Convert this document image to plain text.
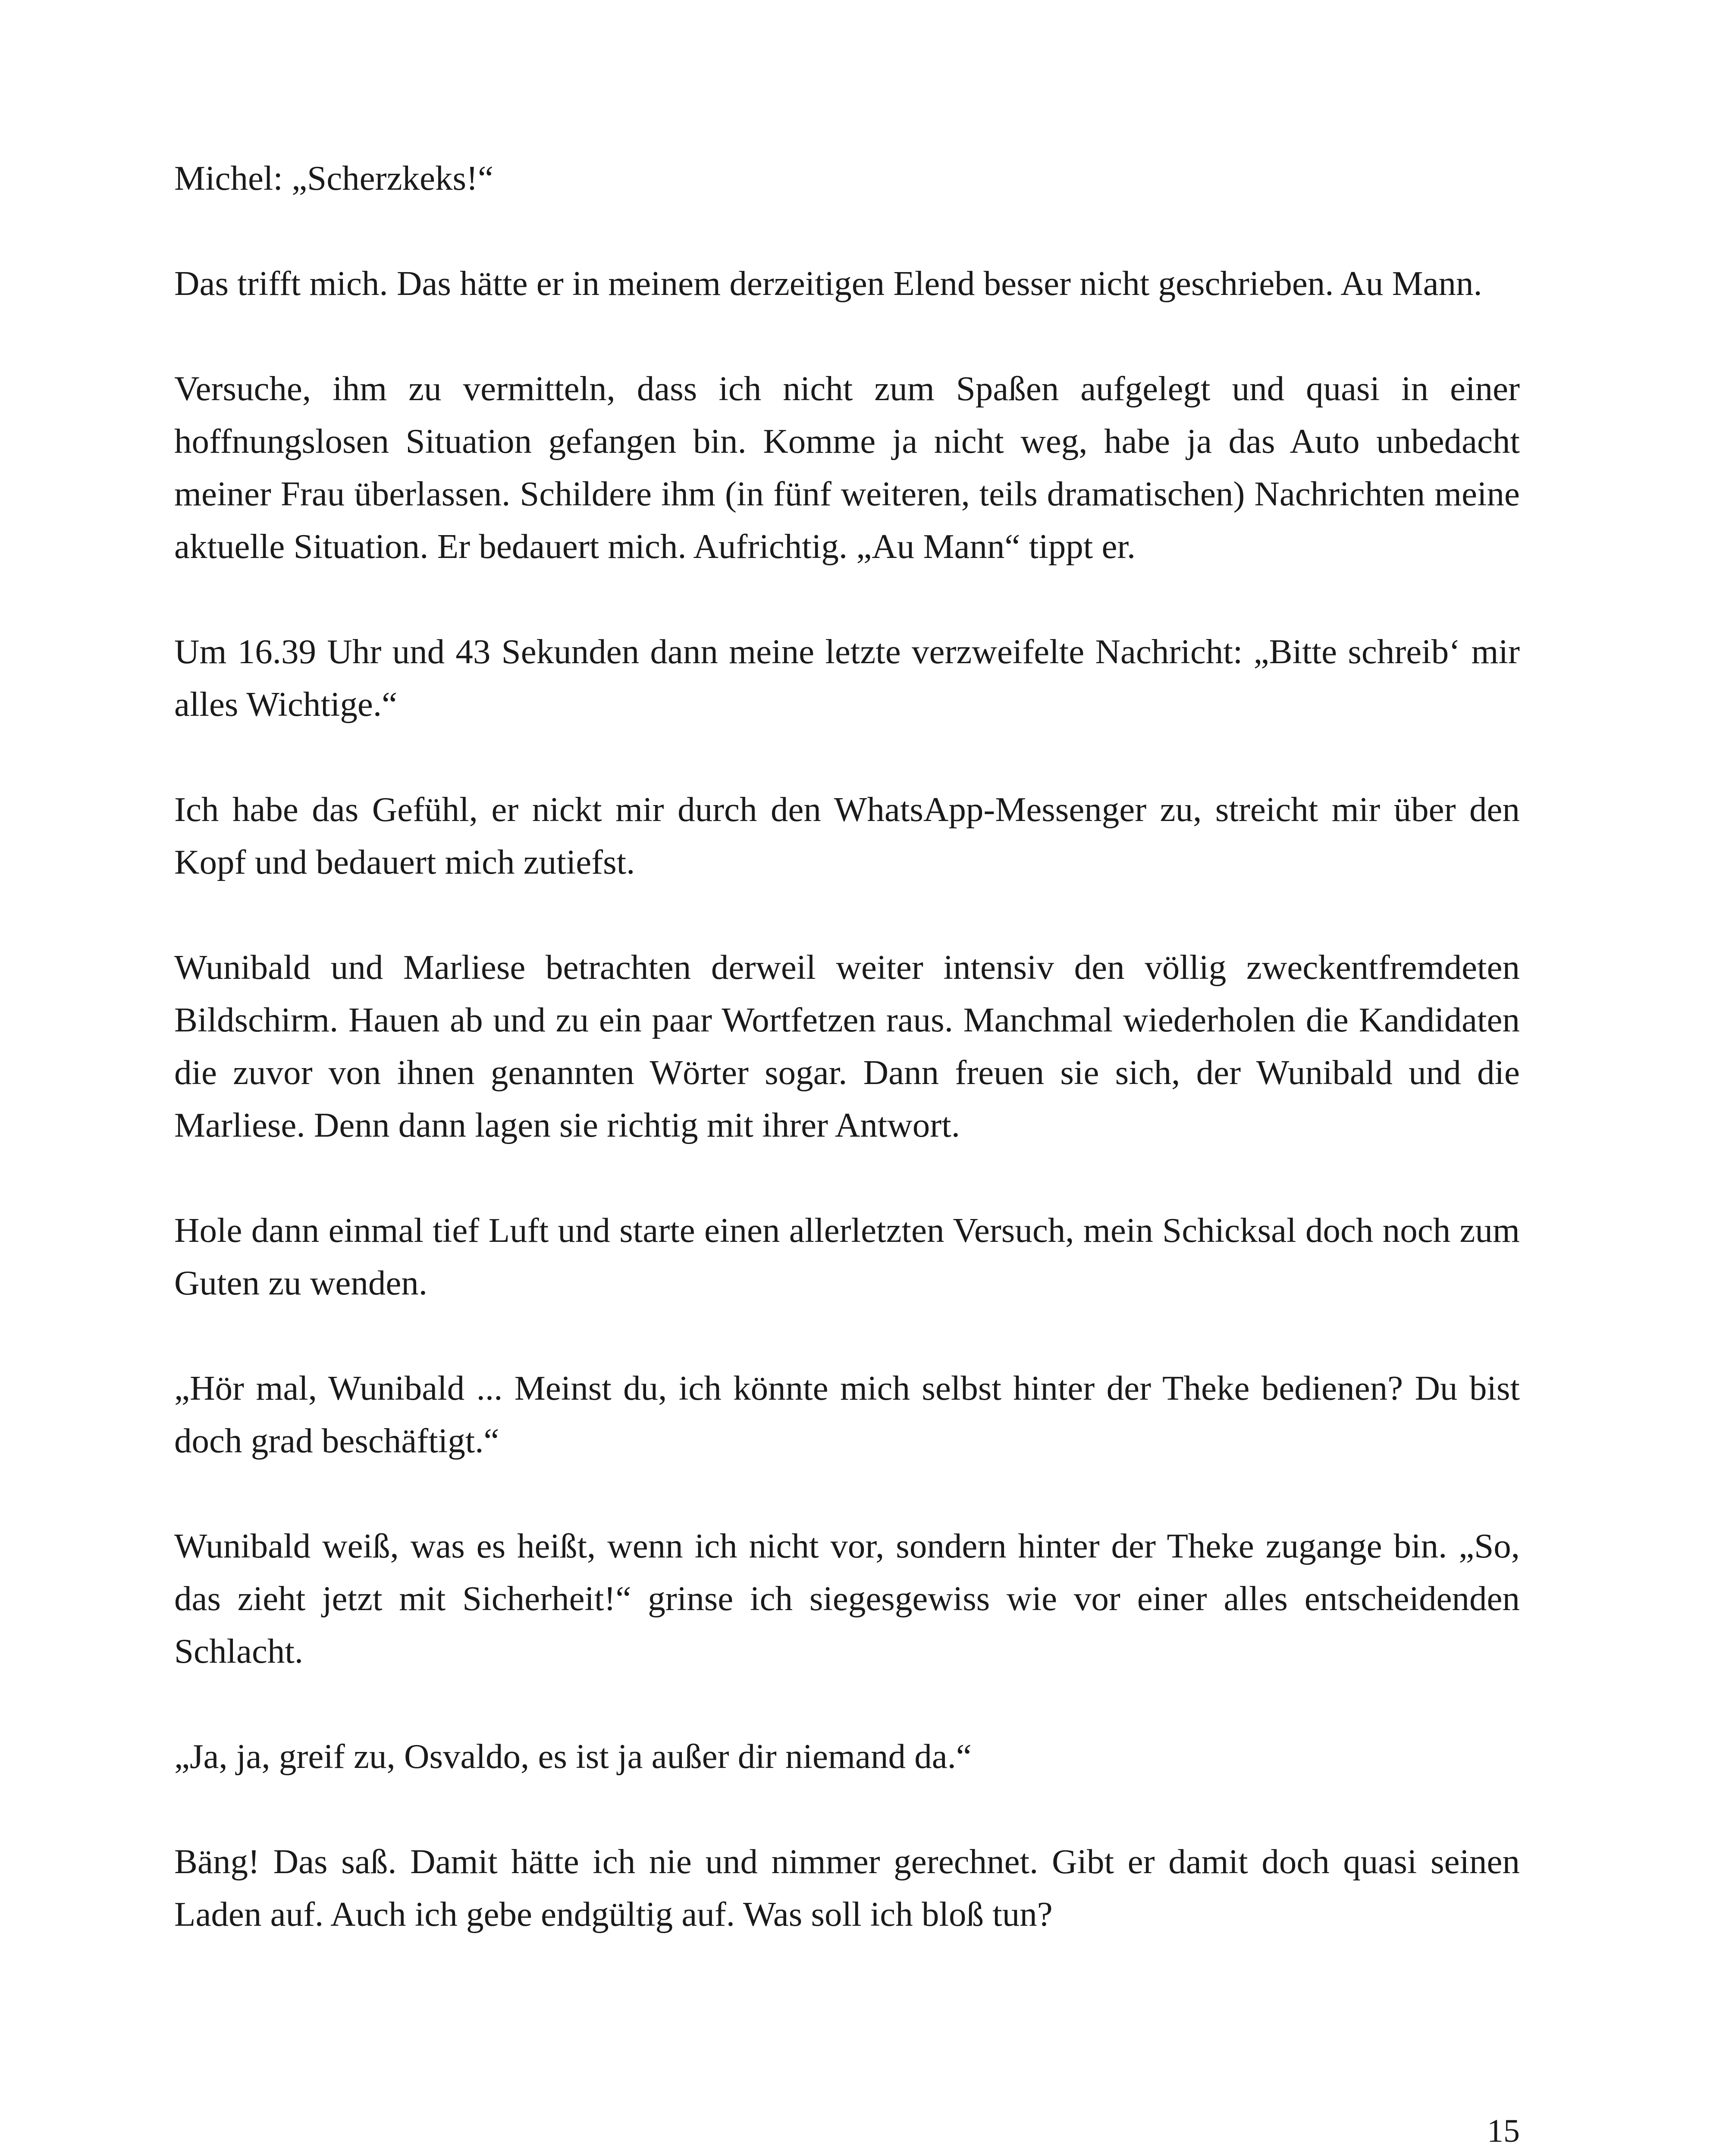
Michel: „Scherzkeks!“

Das trifft mich. Das hätte er in meinem derzeitigen Elend besser nicht geschrieben. Au Mann.

Versuche, ihm zu vermitteln, dass ich nicht zum Spaßen aufgelegt und quasi in einer hoffnungslosen Situation gefangen bin. Komme ja nicht weg, habe ja das Auto unbedacht meiner Frau überlassen. Schildere ihm (in fünf weiteren, teils dramatischen) Nachrichten meine aktuelle Situation. Er bedauert mich. Aufrichtig. „Au Mann“ tippt er.

Um 16.39 Uhr und 43 Sekunden dann meine letzte verzweifelte Nachricht: „Bitte schreib‘ mir alles Wichtige.“

Ich habe das Gefühl, er nickt mir durch den WhatsApp-Messenger zu, streicht mir über den Kopf und bedauert mich zutiefst.

Wunibald und Marliese betrachten derweil weiter intensiv den völlig zweckentfremdeten Bildschirm. Hauen ab und zu ein paar Wortfetzen raus. Manchmal wiederholen die Kandidaten die zuvor von ihnen genannten Wörter sogar. Dann freuen sie sich, der Wunibald und die Marliese. Denn dann lagen sie richtig mit ihrer Antwort.

Hole dann einmal tief Luft und starte einen allerletzten Versuch, mein Schicksal doch noch zum Guten zu wenden.

„Hör mal, Wunibald ... Meinst du, ich könnte mich selbst hinter der Theke bedienen? Du bist doch grad beschäftigt.“

Wunibald weiß, was es heißt, wenn ich nicht vor, sondern hinter der Theke zugange bin. „So, das zieht jetzt mit Sicherheit!“ grinse ich siegesgewiss wie vor einer alles entscheidenden Schlacht.

„Ja, ja, greif zu, Osvaldo, es ist ja außer dir niemand da.“

Bäng! Das saß. Damit hätte ich nie und nimmer gerechnet. Gibt er damit doch quasi seinen Laden auf. Auch ich gebe endgültig auf. Was soll ich bloß tun?

15
